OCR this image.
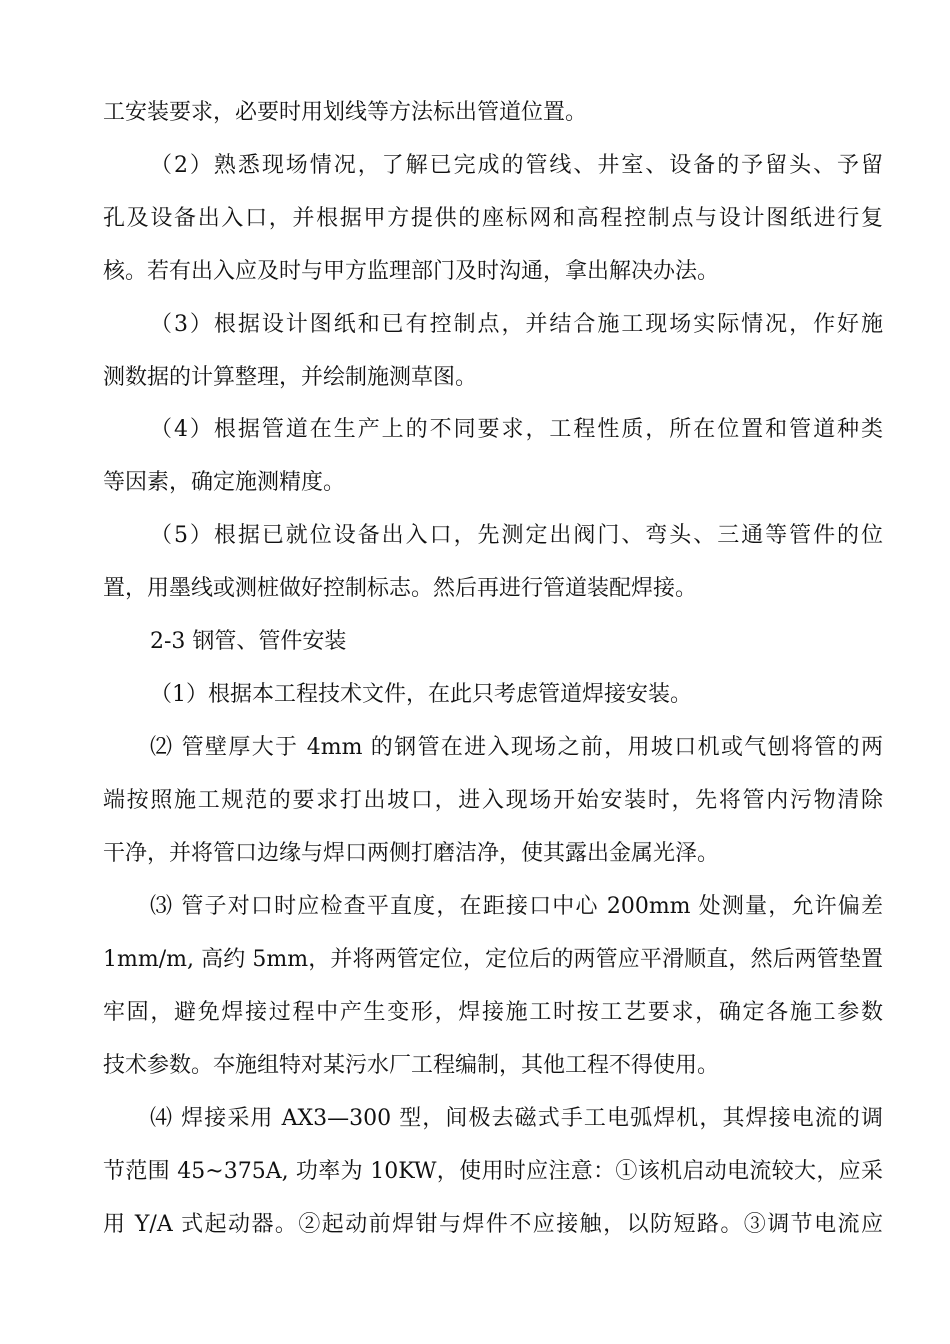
工安装要求，必要时用划线等方法标出管道位置。
（2）熟悉现场情况，了解已完成的管线、井室、设备的予留头、予留
孔及设备出入口，并根据甲方提供的座标网和高程控制点与设计图纸进行复
核。若有出入应及时与甲方监理部门及时沟通，拿出解决办法。
（3）根据设计图纸和已有控制点，并结合施工现场实际情况，作好施
测数据的计算整理，并绘制施测草图。
（4）根据管道在生产上的不同要求，工程性质，所在位置和管道种类
等因素，确定施测精度。
（5）根据已就位设备出入口，先测定出阀门、弯头、三通等管件的位
置，用墨线或测桩做好控制标志。然后再进行管道装配焊接。
2-3 钢管、管件安装
（1）根据本工程技术文件，在此只考虑管道焊接安装。
⑵ 管壁厚大于 4mm 的钢管在进入现场之前，用坡口机或气刨将管的两
端按照施工规范的要求打出坡口，进入现场开始安装时，先将管内污物清除
干净，并将管口边缘与焊口两侧打磨洁净，使其露出金属光泽。
⑶ 管子对口时应检查平直度，在距接口中心 200mm 处测量，允许偏差
1mm/m, 高约 5mm，并将两管定位，定位后的两管应平滑顺直，然后两管垫置
牢固，避免焊接过程中产生变形，焊接施工时按工艺要求，确定各施工参数
技术参数。夲施组特对某污水厂工程编制，其他工程不得使用。
⑷ 焊接采用 AX3—300 型，间极去磁式手工电弧焊机，其焊接电流的调
节范围 45~375A, 功率为 10KW，使用时应注意：①该机启动电流较大，应采
用 Y/A 式起动器。②起动前焊钳与焊件不应接触，以防短路。③调节电流应
